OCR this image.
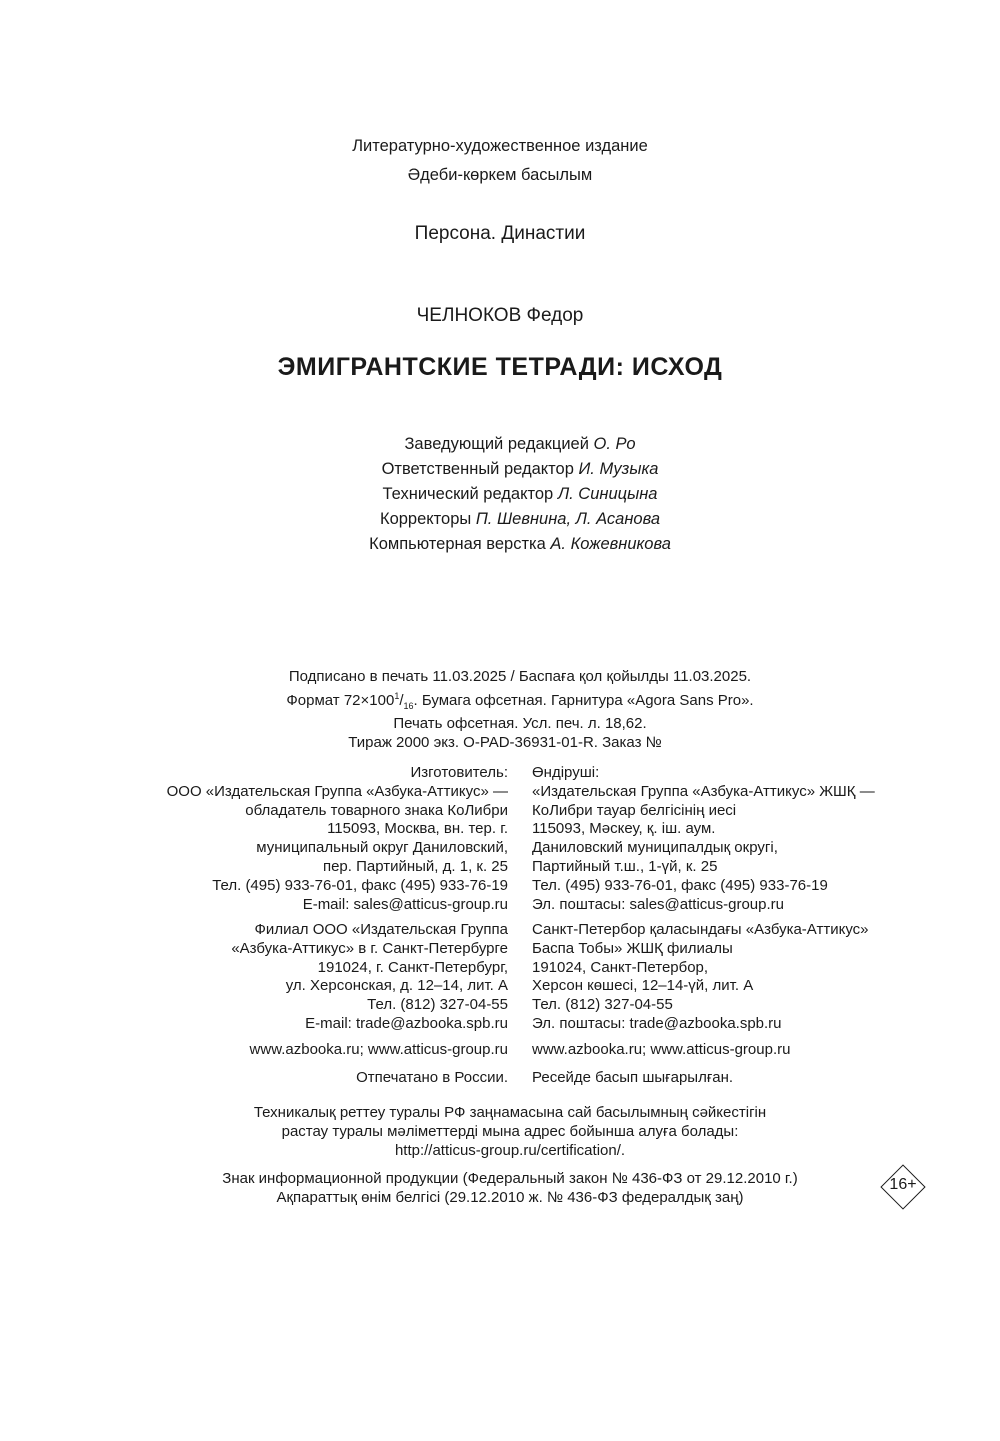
Литературно-художественное издание
Әдеби-көркем басылым
Персона. Династии
ЧЕЛНОКОВ Федор
ЭМИГРАНТСКИЕ ТЕТРАДИ: ИСХОД
Заведующий редакцией О. Ро
Ответственный редактор И. Музыка
Технический редактор Л. Синицына
Корректоры П. Шевнина, Л. Асанова
Компьютерная верстка А. Кожевникова
Подписано в печать 11.03.2025 / Баспаға қол қойылды 11.03.2025.
Формат $72\times 100^1/_{16}$. Бумага офсетная. Гарнитура «Agora Sans Pro».
Печать офсетная. Усл. печ. л. 18,62.
Тираж 2000 экз. О-PAD-36931-01-R. Заказ №
Изготовитель:
ООО «Издательская Группа «Азбука-Аттикус» —
обладатель товарного знака КоЛибри
115093, Москва, вн. тер. г.
муниципальный округ Даниловский,
пер. Партийный, д. 1, к. 25
Тел. (495) 933-76-01, факс (495) 933-76-19
E-mail: sales@atticus-group.ru
Өндіруші:
«Издательская Группа «Азбука-Аттикус» ЖШҚ —
КоЛибри тауар белгісінің иесі
115093, Мәскеу, қ. іш. аум.
Даниловский муниципалдық округі,
Партийный т.ш., 1-үй, к. 25
Тел. (495) 933-76-01, факс (495) 933-76-19
Эл. поштасы: sales@atticus-group.ru
Филиал ООО «Издательская Группа
«Азбука-Аттикус» в г. Санкт-Петербурге
191024, г. Санкт-Петербург,
ул. Херсонская, д. 12–14, лит. А
Тел. (812) 327-04-55
E-mail: trade@azbooka.spb.ru
Санкт-Петербор қаласындағы «Азбука-Аттикус»
Баспа Тобы» ЖШҚ филиалы
191024, Санкт-Петербор,
Херсон көшесі, 12–14-үй, лит. А
Тел. (812) 327-04-55
Эл. поштасы: trade@azbooka.spb.ru
www.azbooka.ru; www.atticus-group.ru www.azbooka.ru; www.atticus-group.ru
Отпечатано в России. Ресейде басып шығарылған.
Техникалық реттеу туралы РФ заңнамасына сай басылымның сәйкестігін
растау туралы мәліметтерді мына адрес бойынша алуға болады:
http://atticus-group.ru/certification/.
Знак информационной продукции (Федеральный закон № 436-ФЗ от 29.12.2010 г.)
Ақпараттық өнім белгісі (29.12.2010 ж. № 436-ФЗ федералдық заң)
16+
